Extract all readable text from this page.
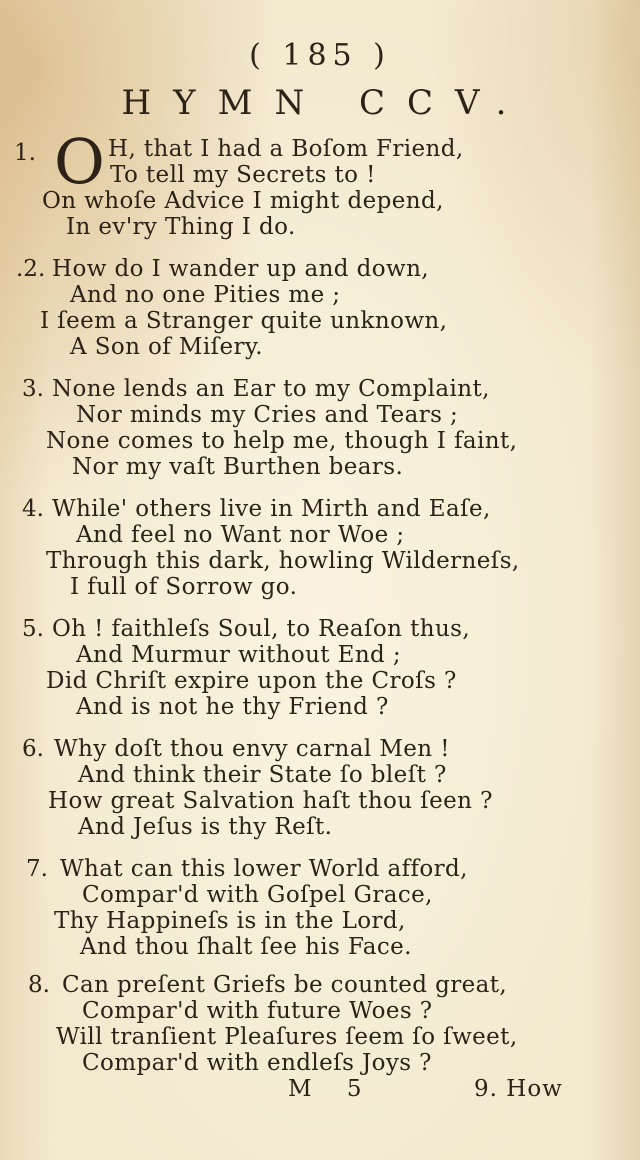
( 185 )
HYMN CCV.
1. O H, that I had a Boſom Friend,
To tell my Secrets to !
On whoſe Advice I might depend,
In ev'ry Thing I do.
.2. How do I wander up and down,
And no one Pities me ;
I ſeem a Stranger quite unknown,
A Son of Miſery.
3. None lends an Ear to my Complaint,
Nor minds my Cries and Tears ;
None comes to help me, though I faint,
Nor my vaſt Burthen bears.
4. While' others live in Mirth and Eaſe,
And feel no Want nor Woe ;
Through this dark, howling Wilderneſs,
I full of Sorrow go.
5. Oh ! faithleſs Soul, to Reaſon thus,
And Murmur without End ;
Did Chriſt expire upon the Croſs ?
And is not he thy Friend ?
6. Why doſt thou envy carnal Men !
And think their State ſo bleſt ?
How great Salvation haſt thou ſeen ?
And Jeſus is thy Reſt.
7. What can this lower World afford,
Compar'd with Goſpel Grace,
Thy Happineſs is in the Lord,
And thou ſhalt ſee his Face.
8. Can preſent Griefs be counted great,
Compar'd with future Woes ?
Will tranſient Pleaſures ſeem ſo ſweet,
Compar'd with endleſs Joys ?
M 5	9. How
